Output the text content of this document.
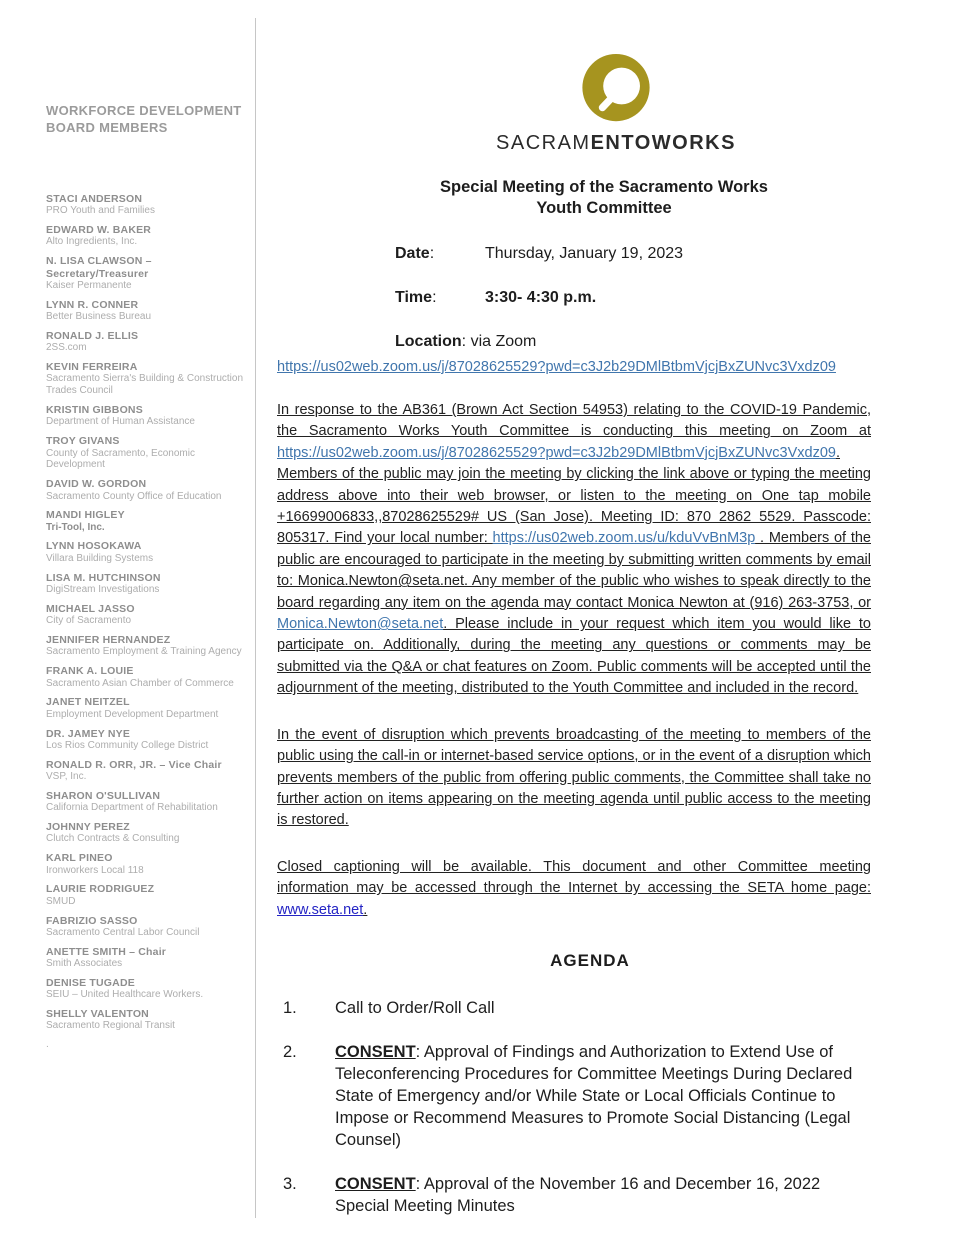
WORKFORCE DEVELOPMENT BOARD MEMBERS
STACI ANDERSON
PRO Youth and Families
EDWARD W. BAKER
Alto Ingredients, Inc.
N. LISA CLAWSON – Secretary/Treasurer
Kaiser Permanente
LYNN R. CONNER
Better Business Bureau
RONALD J. ELLIS
2SS.com
KEVIN FERREIRA
Sacramento Sierra's Building & Construction Trades Council
KRISTIN GIBBONS
Department of Human Assistance
TROY GIVANS
County of Sacramento, Economic Development
DAVID W. GORDON
Sacramento County Office of Education
MANDI HIGLEY
Tri-Tool, Inc.
LYNN HOSOKAWA
Villara Building Systems
LISA M. HUTCHINSON
DigiStream Investigations
MICHAEL JASSO
City of Sacramento
JENNIFER HERNANDEZ
Sacramento Employment & Training Agency
FRANK A. LOUIE
Sacramento Asian Chamber of Commerce
JANET NEITZEL
Employment Development Department
DR. JAMEY NYE
Los Rios Community College District
RONALD R. ORR, JR. – Vice Chair
VSP, Inc.
SHARON O'SULLIVAN
California Department of Rehabilitation
JOHNNY PEREZ
Clutch Contracts & Consulting
KARL PINEO
Ironworkers Local 118
LAURIE RODRIGUEZ
SMUD
FABRIZIO SASSO
Sacramento Central Labor Council
ANETTE SMITH – Chair
Smith Associates
DENISE TUGADE
SEIU – United Healthcare Workers.
SHELLY VALENTON
Sacramento Regional Transit
.
SACRAMENTOWORKS
Special Meeting of the Sacramento Works
Youth Committee
Date:	Thursday, January 19, 2023
Time:	3:30- 4:30 p.m.
Location : via Zoom
https://us02web.zoom.us/j/87028625529?pwd=c3J2b29DMlBtbmVjcjBxZUNvc3Vxdz09

In response to the AB361 (Brown Act Section 54953) relating to the COVID-19 Pandemic, the Sacramento Works Youth Committee is conducting this meeting on Zoom at https://us02web.zoom.us/j/87028625529?pwd=c3J2b29DMlBtbmVjcjBxZUNvc3Vxdz09. Members of the public may join the meeting by clicking the link above or typing the meeting address above into their web browser, or listen to the meeting on One tap mobile +16699006833,,87028625529# US (San Jose). Meeting ID: 870 2862 5529. Passcode: 805317. Find your local number: https://us02web.zoom.us/u/kduVvBnM3p . Members of the public are encouraged to participate in the meeting by submitting written comments by email to: Monica.Newton@seta.net. Any member of the public who wishes to speak directly to the board regarding any item on the agenda may contact Monica Newton at (916) 263-3753, or Monica.Newton@seta.net. Please include in your request which item you would like to participate on. Additionally, during the meeting any questions or comments may be submitted via the Q&A or chat features on Zoom. Public comments will be accepted until the adjournment of the meeting, distributed to the Youth Committee and included in the record.

In the event of disruption which prevents broadcasting of the meeting to members of the public using the call-in or internet-based service options, or in the event of a disruption which prevents members of the public from offering public comments, the Committee shall take no further action on items appearing on the meeting agenda until public access to the meeting is restored.

Closed captioning will be available. This document and other Committee meeting information may be accessed through the Internet by accessing the SETA home page: www.seta.net.

AGENDA
1.	Call to Order/Roll Call
2.	CONSENT: Approval of Findings and Authorization to Extend Use of Teleconferencing Procedures for Committee Meetings During Declared State of Emergency and/or While State or Local Officials Continue to Impose or Recommend Measures to Promote Social Distancing (Legal Counsel)
3.	CONSENT: Approval of the November 16 and December 16, 2022 Special Meeting Minutes
